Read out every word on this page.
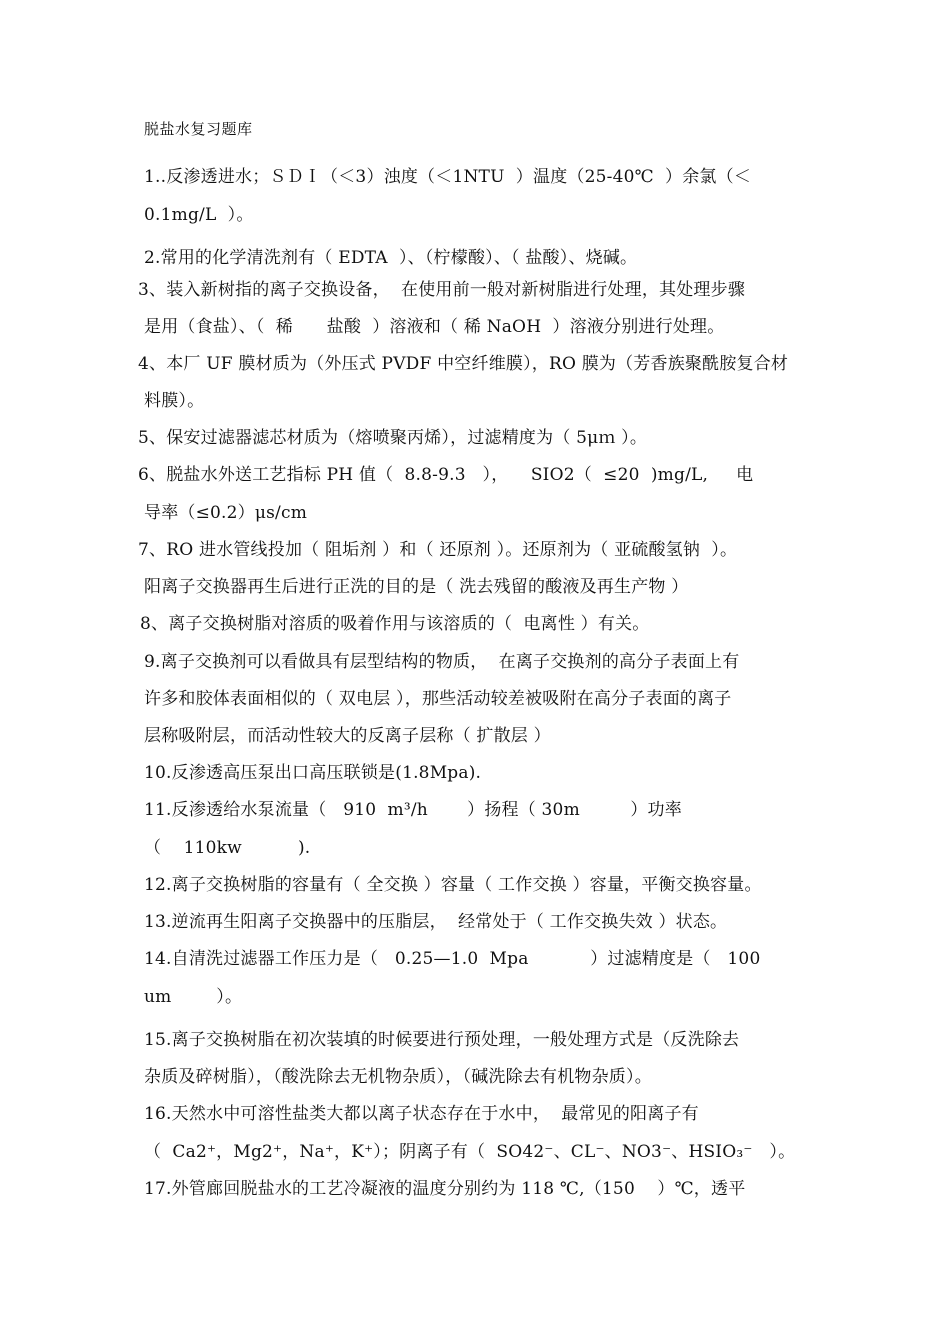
脱盐水复习题库
1..反渗透进水；ＳＤＩ（＜3）浊度（＜1NTU  ）温度（25-40℃  ）余氯（＜
0.1mg/L  ）。
2.常用的化学清洗剂有（ EDTA  ）、（柠檬酸）、（ 盐酸）、烧碱。
3、装入新树指的离子交换设备，  在使用前一般对新树脂进行处理，其处理步骤
是用（食盐）、（  稀      盐酸  ）溶液和（ 稀 NaOH  ）溶液分别进行处理。
4、本厂 UF 膜材质为（外压式 PVDF 中空纤维膜），RO 膜为（芳香族聚酰胺复合材
料膜）。
5、保安过滤器滤芯材质为（熔喷聚丙烯），过滤精度为（ 5μｍ ）。
6、脱盐水外送工艺指标 PH 值（  8.8-9.3   ），    SIO2（  ≤20  )mg/L,     电
导率（≤0.2）μs/cm
7、RO 进水管线投加（ 阻垢剂 ）和（ 还原剂 ）。还原剂为（ 亚硫酸氢钠  ）。
阳离子交换器再生后进行正洗的目的是（ 洗去残留的酸液及再生产物 ）
8、离子交换树脂对溶质的吸着作用与该溶质的（  电离性 ）有关。
9.离子交换剂可以看做具有层型结构的物质，  在离子交换剂的高分子表面上有
许多和胶体表面相似的（ 双电层 ），那些活动较差被吸附在高分子表面的离子
层称吸附层，而活动性较大的反离子层称（ 扩散层 ）
10.反渗透高压泵出口高压联锁是(1.8Mpa).
11.反渗透给水泵流量（   910  m³/h       ）扬程（ 30m         ）功率
（    110kw          ).
12.离子交换树脂的容量有（ 全交换 ）容量（ 工作交换 ）容量，平衡交换容量。
13.逆流再生阳离子交换器中的压脂层，  经常处于（ 工作交换失效 ）状态。
14.自清洗过滤器工作压力是（   0.25—1.0  Mpa           ）过滤精度是（   100
um        ）。
15.离子交换树脂在初次装填的时候要进行预处理，一般处理方式是（反洗除去
杂质及碎树脂），（酸洗除去无机物杂质），（碱洗除去有机物杂质）。
16.天然水中可溶性盐类大都以离子状态存在于水中，  最常见的阳离子有
（  Ca2⁺，Mg2⁺，Na⁺，K⁺）；阴离子有（  SO42⁻、CL⁻、NO3⁻、HSIO₃⁻   ）。
17.外管廊回脱盐水的工艺冷凝液的温度分别约为 118 ℃,（150    ）℃，透平
